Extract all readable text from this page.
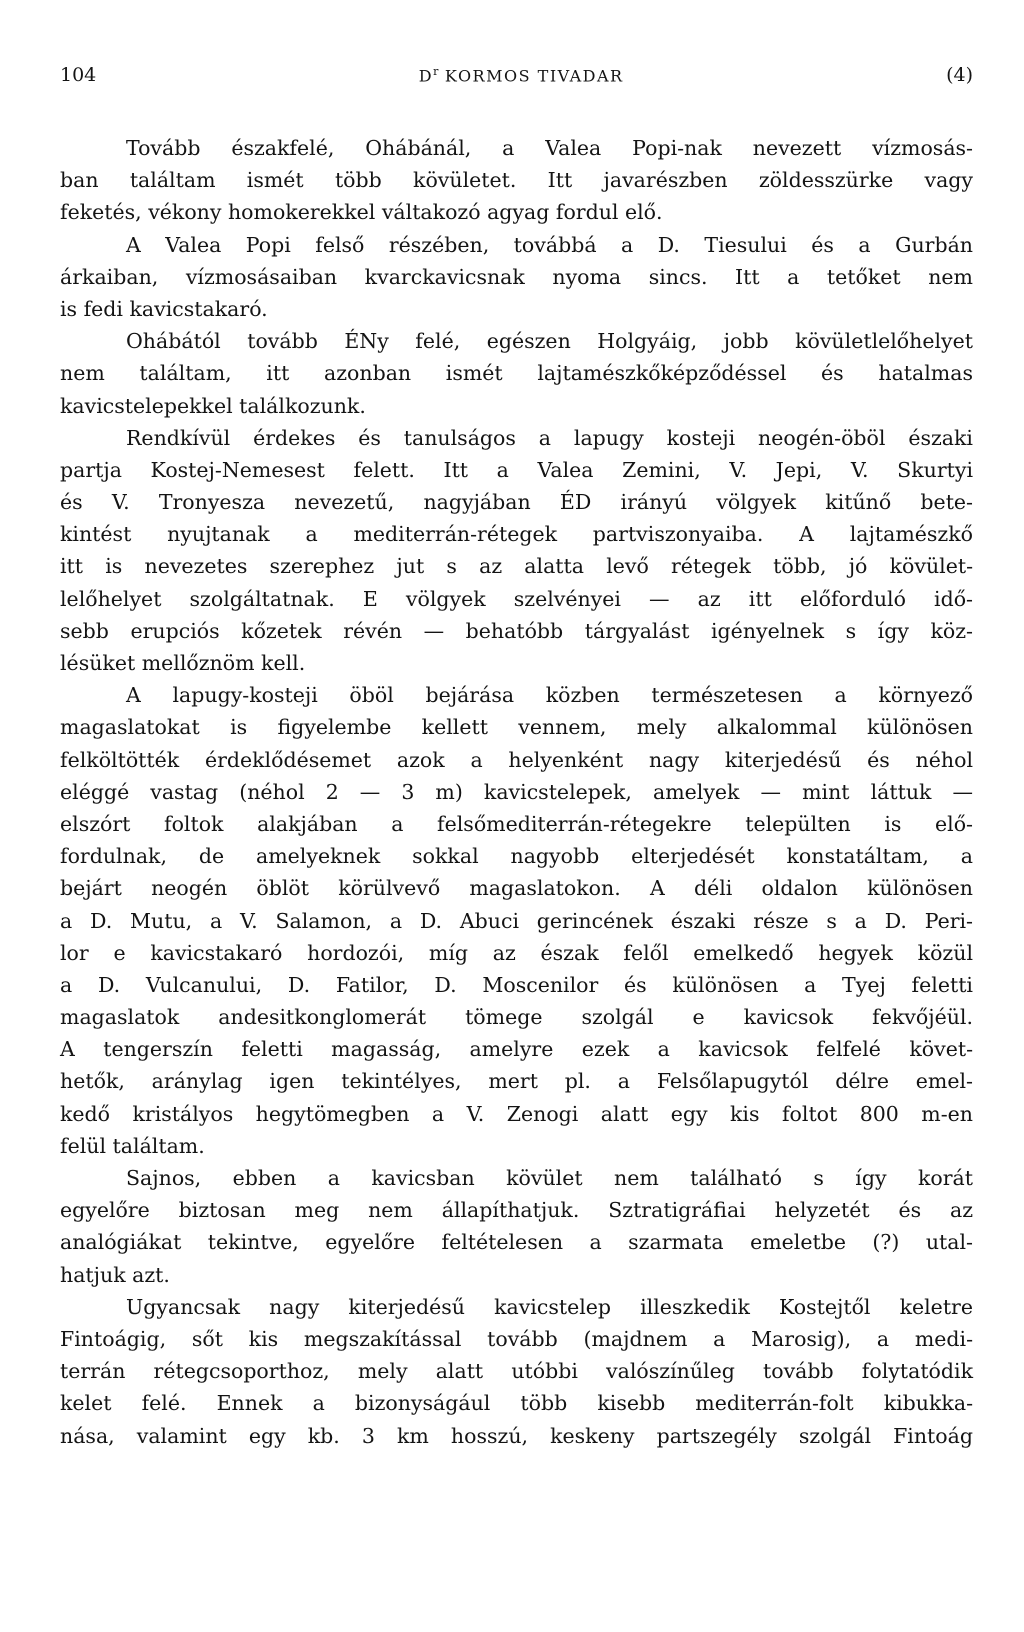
104	$D^r$ KORMOS TIVADAR	(4)
Tovább északfelé, Ohábánál, a Valea Popi-nak nevezett vízmosás-
ban találtam ismét több kövületet. Itt javarészben zöldesszürke vagy
feketés, vékony homokerekkel váltakozó agyag fordul elő.
A Valea Popi felső részében, továbbá a D. Tiesului és a Gurbán
árkaiban, vízmosásaiban kvarckavicsnak nyoma sincs. Itt a tetőket nem
is fedi kavicstakaró.
Ohábától tovább ÉNy felé, egészen Holgyáig, jobb kövületlelőhelyet
nem találtam, itt azonban ismét lajtamészkőképződéssel és hatalmas
kavicstelepekkel találkozunk.
Rendkívül érdekes és tanulságos a lapugy kosteji neogén-öböl északi
partja Kostej-Nemesest felett. Itt a Valea Zemini, V. Jepi, V. Skurtyi
és V. Tronyesza nevezetű, nagyjában ÉD irányú völgyek kitűnő bete-
kintést nyujtanak a mediterrán-rétegek partviszonyaiba. A lajtamészkő
itt is nevezetes szerephez jut s az alatta levő rétegek több, jó kövület-
lelőhelyet szolgáltatnak. E völgyek szelvényei — az itt előforduló idő-
sebb erupciós kőzetek révén — behatóbb tárgyalást igényelnek s így köz-
lésüket mellőznöm kell.
A lapugy-kosteji öböl bejárása közben természetesen a környező
magaslatokat is figyelembe kellett vennem, mely alkalommal különösen
felköltötték érdeklődésemet azok a helyenként nagy kiterjedésű és néhol
eléggé vastag (néhol 2 — 3 m) kavicstelepek, amelyek — mint láttuk —
elszórt foltok alakjában a felsőmediterrán-rétegekre települten is elő-
fordulnak, de amelyeknek sokkal nagyobb elterjedését konstatáltam, a
bejárt neogén öblöt körülvevő magaslatokon. A déli oldalon különösen
a D. Mutu, a V. Salamon, a D. Abuci gerincének északi része s a D. Peri-
lor e kavicstakaró hordozói, míg az észak felől emelkedő hegyek közül
a D. Vulcanului, D. Fatilor, D. Moscenilor és különösen a Tyej feletti
magaslatok andesitkonglomerát tömege szolgál e kavicsok fekvőjéül.
A tengerszín feletti magasság, amelyre ezek a kavicsok felfelé követ-
hetők, aránylag igen tekintélyes, mert pl. a Felsőlapugytól délre emel-
kedő kristályos hegytömegben a V. Zenogi alatt egy kis foltot 800 m-en
felül találtam.
Sajnos, ebben a kavicsban kövület nem található s így korát
egyelőre biztosan meg nem állapíthatjuk. Sztratigráfiai helyzetét és az
analógiákat tekintve, egyelőre feltételesen a szarmata emeletbe (?) utal-
hatjuk azt.
Ugyancsak nagy kiterjedésű kavicstelep illeszkedik Kostejtől keletre
Fintoágig, sőt kis megszakítással tovább (majdnem a Marosig), a medi-
terrán rétegcsoporthoz, mely alatt utóbbi valószínűleg tovább folytatódik
kelet felé. Ennek a bizonyságául több kisebb mediterrán-folt kibukka-
nása, valamint egy kb. 3 km hosszú, keskeny partszegély szolgál Fintoág
